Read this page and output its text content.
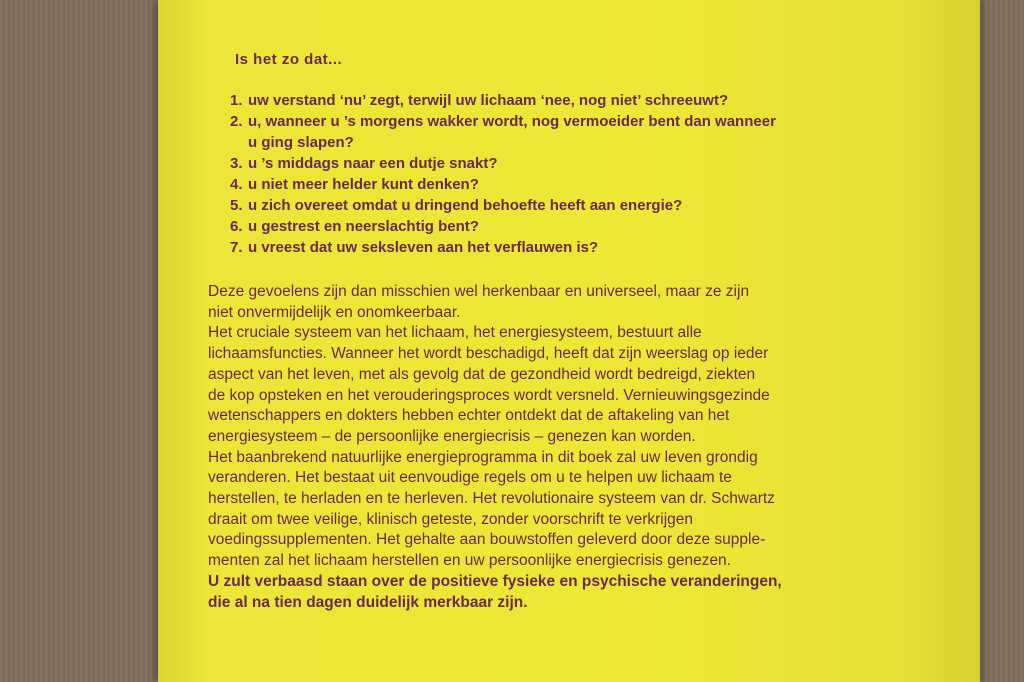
Is het zo dat...
1. uw verstand ‘nu’ zegt, terwijl uw lichaam ‘nee, nog niet’ schreeuwt?
2. u, wanneer u ’s morgens wakker wordt, nog vermoeider bent dan wanneer
u ging slapen?
3. u ’s middags naar een dutje snakt?
4. u niet meer helder kunt denken?
5. u zich overeet omdat u dringend behoefte heeft aan energie?
6. u gestrest en neerslachtig bent?
7. u vreest dat uw seksleven aan het verflauwen is?
Deze gevoelens zijn dan misschien wel herkenbaar en universeel, maar ze zijn
niet onvermijdelijk en onomkeerbaar.
Het cruciale systeem van het lichaam, het energiesysteem, bestuurt alle
lichaamsfuncties. Wanneer het wordt beschadigd, heeft dat zijn weerslag op ieder
aspect van het leven, met als gevolg dat de gezondheid wordt bedreigd, ziekten
de kop opsteken en het verouderingsproces wordt versneld. Vernieuwingsgezinde
wetenschappers en dokters hebben echter ontdekt dat de aftakeling van het
energiesysteem – de persoonlijke energiecrisis – genezen kan worden.
Het baanbrekend natuurlijke energieprogramma in dit boek zal uw leven grondig
veranderen. Het bestaat uit eenvoudige regels om u te helpen uw lichaam te
herstellen, te herladen en te herleven. Het revolutionaire systeem van dr. Schwartz
draait om twee veilige, klinisch geteste, zonder voorschrift te verkrijgen
voedingssupplementen. Het gehalte aan bouwstoffen geleverd door deze supple-
menten zal het lichaam herstellen en uw persoonlijke energiecrisis genezen.
U zult verbaasd staan over de positieve fysieke en psychische veranderingen,
die al na tien dagen duidelijk merkbaar zijn.
